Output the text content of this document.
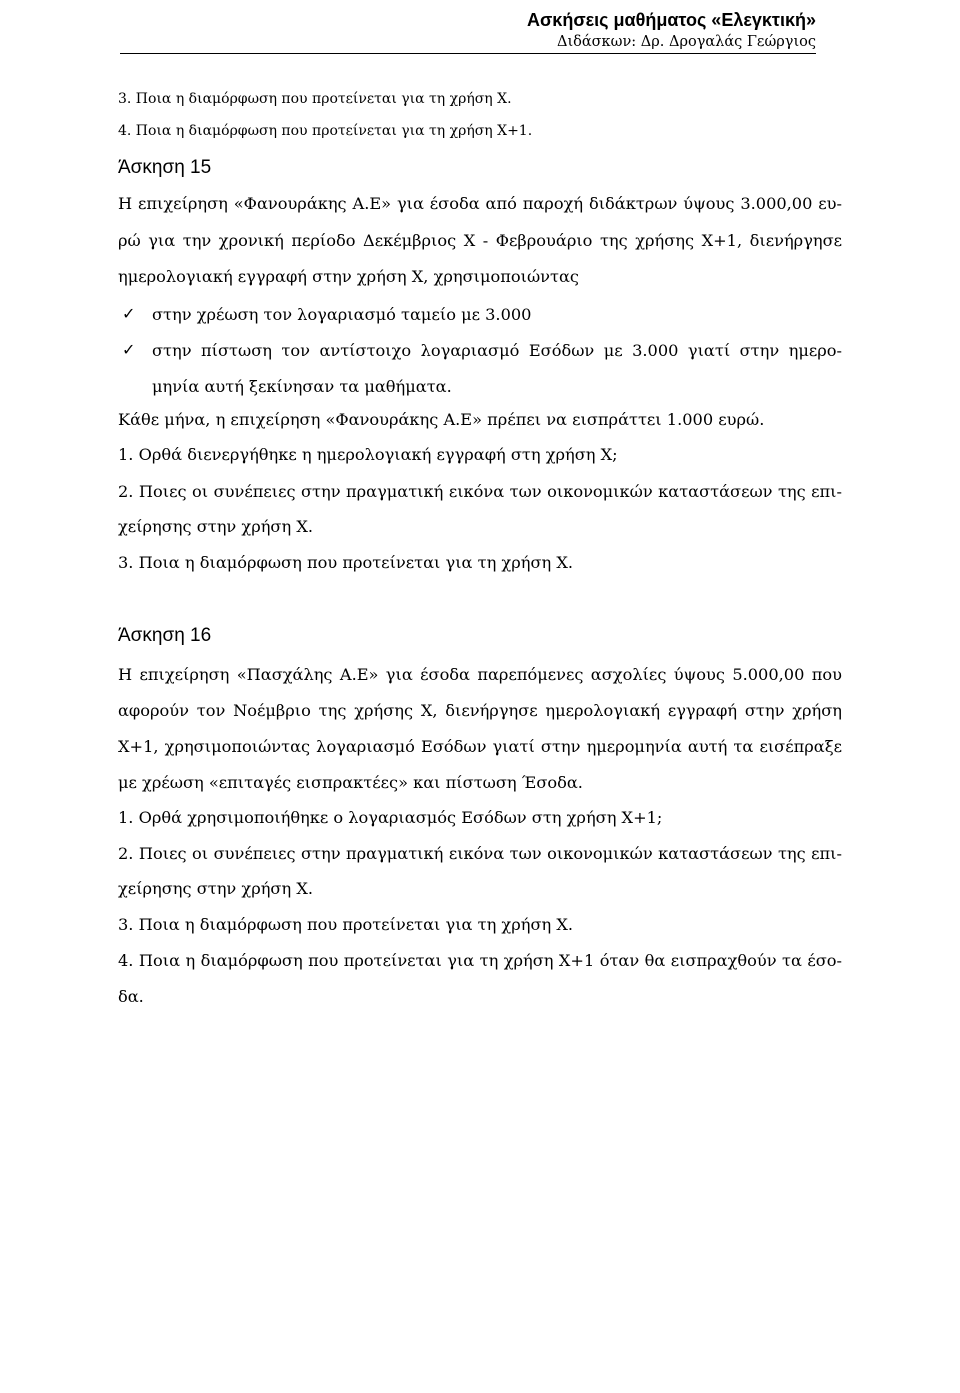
Ασκήσεις μαθήματος «Ελεγκτική»
Διδάσκων: Δρ. Δρογαλάς Γεώργιος
3. Ποια η διαμόρφωση που προτείνεται για τη χρήση Χ.
4. Ποια η διαμόρφωση που προτείνεται για τη χρήση Χ+1.
Άσκηση 15
Η επιχείρηση «Φανουράκης Α.Ε» για έσοδα από παροχή διδάκτρων ύψους 3.000,00 ευ-
ρώ για την χρονική περίοδο Δεκέμβριος Χ - Φεβρουάριο της χρήσης Χ+1, διενήργησε
ημερολογιακή εγγραφή στην χρήση Χ, χρησιμοποιώντας
✓ στην χρέωση τον λογαριασμό ταμείο με 3.000
✓ στην πίστωση τον αντίστοιχο λογαριασμό Εσόδων με 3.000 γιατί στην ημερο-
μηνία αυτή ξεκίνησαν τα μαθήματα.
Κάθε μήνα, η επιχείρηση «Φανουράκης Α.Ε» πρέπει να εισπράττει 1.000 ευρώ.
1. Ορθά διενεργήθηκε η ημερολογιακή εγγραφή στη χρήση Χ;
2. Ποιες οι συνέπειες στην πραγματική εικόνα των οικονομικών καταστάσεων της επι-
χείρησης στην χρήση Χ.
3. Ποια η διαμόρφωση που προτείνεται για τη χρήση Χ.
Άσκηση 16
Η επιχείρηση «Πασχάλης Α.Ε» για έσοδα παρεπόμενες ασχολίες ύψους 5.000,00 που
αφορούν τον Νοέμβριο της χρήσης Χ, διενήργησε ημερολογιακή εγγραφή στην χρήση
Χ+1, χρησιμοποιώντας λογαριασμό Εσόδων γιατί στην ημερομηνία αυτή τα εισέπραξε
με χρέωση «επιταγές εισπρακτέες» και πίστωση Έσοδα.
1. Ορθά χρησιμοποιήθηκε ο λογαριασμός Εσόδων στη χρήση Χ+1;
2. Ποιες οι συνέπειες στην πραγματική εικόνα των οικονομικών καταστάσεων της επι-
χείρησης στην χρήση Χ.
3. Ποια η διαμόρφωση που προτείνεται για τη χρήση Χ.
4. Ποια η διαμόρφωση που προτείνεται για τη χρήση Χ+1 όταν θα εισπραχθούν τα έσο-
δα.
